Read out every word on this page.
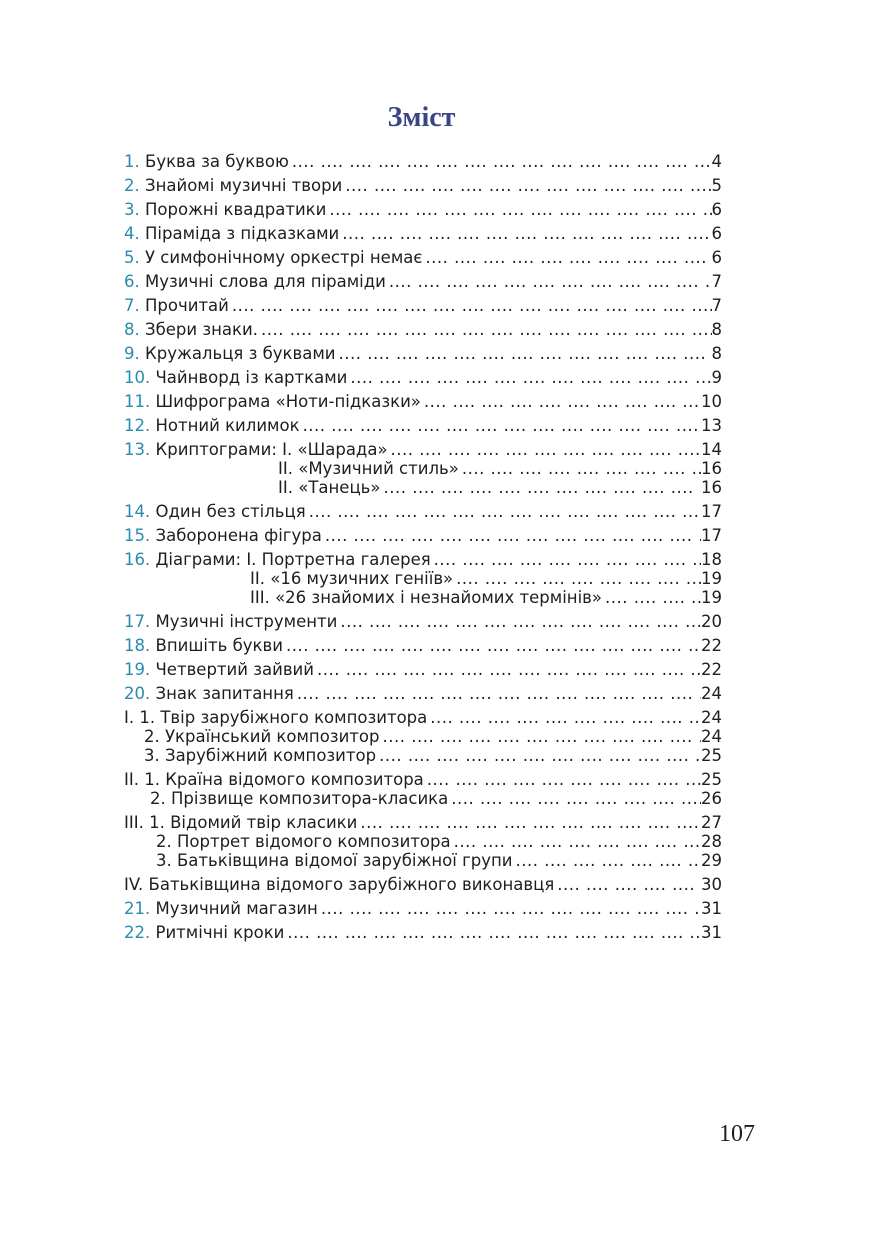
Зміст
1. Буква за буквою ....	4
2. Знайомі музичні твори ....	5
3. Порожні квадратики ....	6
4. Піраміда з підказками ....	6
5. У симфонічному оркестрі немає ....	6
6. Музичні слова для піраміди ....	7
7. Прочитай ....	7
8. Збери знаки. ....	8
9. Кружальця з буквами ....	8
10. Чайнворд із картками ....	9
11. Шифрограма «Ноти-підказки» ....	10
12. Нотний килимок ....	13
13. Криптограми: І. «Шарада» ....	14
ІІ. «Музичний стиль» ....	16
ІІ. «Танець» ....	16
14. Один без стільця ....	17
15. Заборонена фігура ....	17
16. Діаграми: І. Портретна галерея ....	18
ІІ. «16 музичних геніїв» ....	19
ІІІ. «26 знайомих і незнайомих термінів» ....	19
17. Музичні інструменти ....	20
18. Впишіть букви ....	22
19. Четвертий зайвий ....	22
20. Знак запитання ....	24
І. 1. Твір зарубіжного композитора ....	24
2. Український композитор ....	24
3. Зарубіжний композитор ....	25
ІІ. 1. Країна відомого композитора ....	25
2. Прізвище композитора-класика ....	26
ІІІ. 1. Відомий твір класики ....	27
2. Портрет відомого композитора ....	28
3. Батьківщина відомої зарубіжної групи ....	29
ІV. Батьківщина відомого зарубіжного виконавця ....	30
21. Музичний магазин ....	31
22. Ритмічні кроки ....	31
107
